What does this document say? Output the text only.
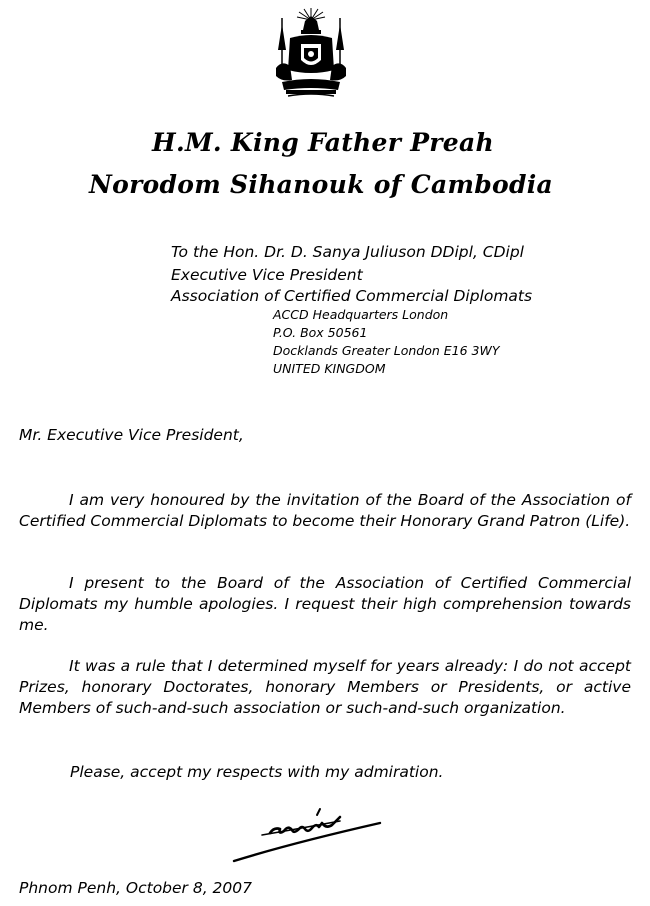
H.M. King Father Preah
Norodom Sihanouk of Cambodia
To the Hon. Dr. D. Sanya Juliuson DDipl, CDipl
Executive Vice President
Association of Certified Commercial Diplomats
ACCD Headquarters London
P.O. Box 50561
Docklands Greater London E16 3WY
UNITED KINGDOM
Mr. Executive Vice President,

I am very honoured by the invitation of the Board of the Association of Certified Commercial Diplomats to become their Honorary Grand Patron (Life).

I present to the Board of the Association of Certified Commercial Diplomats my humble apologies. I request their high comprehension towards me.

It was a rule that I determined myself for years already: I do not accept Prizes, honorary Doctorates, honorary Members or Presidents, or active Members of such-and-such association or such-and-such organization.

Please, accept my respects with my admiration.
Phnom Penh, October 8, 2007
